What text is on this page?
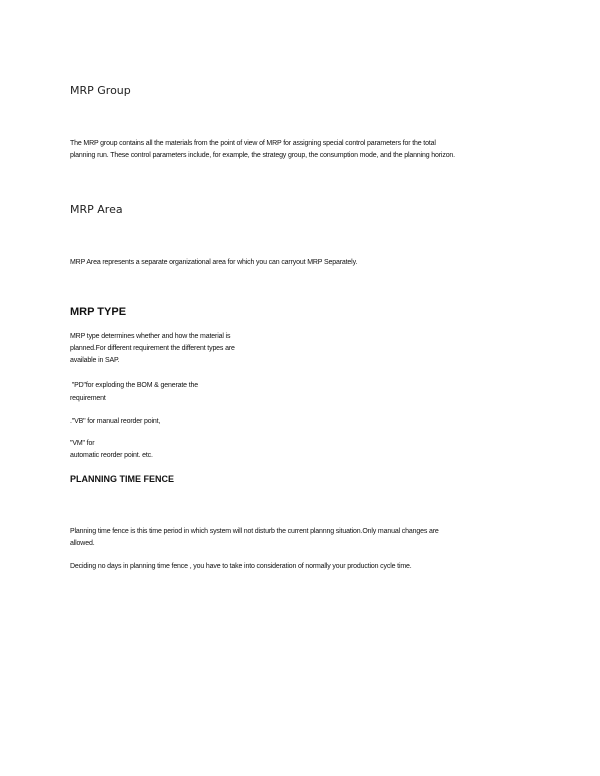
MRP Group
The MRP group contains all the materials from the point of view of MRP for assigning special control parameters for the total
planning run. These control parameters include, for example, the strategy group, the consumption mode, and the planning horizon.
MRP Area
MRP Area represents a separate organizational area for which you can carryout MRP Separately.
MRP TYPE
MRP type determines whether and how the material is
planned.For different requirement the different types are
available in SAP.
"PD"for exploding the BOM & generate the
requirement
."VB" for manual reorder point,
"VM" for
automatic reorder point. etc.
PLANNING TIME FENCE
Planning time fence is this time period in which system will not disturb the current plannng situation.Only manual changes are
allowed.
Deciding no days in planning time fence , you have to take into consideration of normally your production cycle time.
